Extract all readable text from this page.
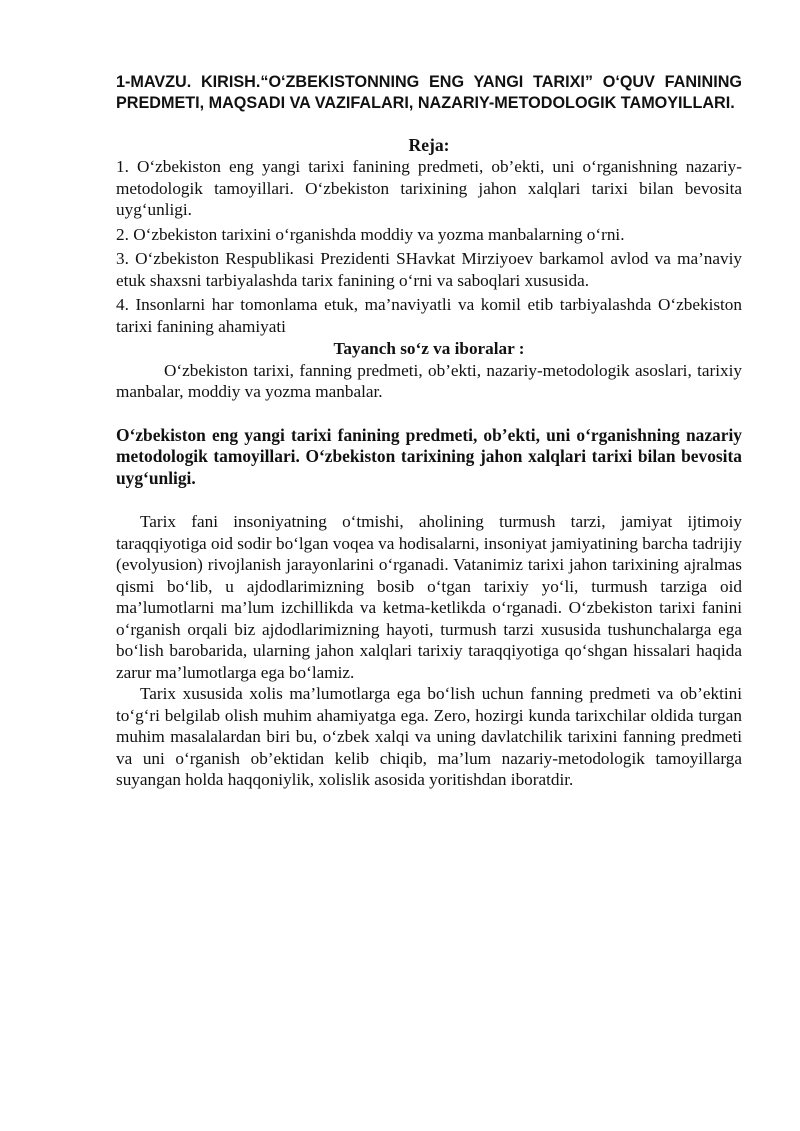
1-MAVZU. KIRISH.“O‘ZBEKISTONNING ENG YANGI TARIXI” O‘QUV FANINING PREDMETI, MAQSADI VA VAZIFALARI, NAZARIY-METODOLOGIK TAMOYILLARI.

Reja:

1. O‘zbekiston eng yangi tarixi fanining predmeti, ob’ekti, uni o‘rganishning nazariy-metodologik tamoyillari. O‘zbekiston tarixining jahon xalqlari tarixi bilan bevosita uyg‘unligi.
2. O‘zbekiston tarixini o‘rganishda moddiy va yozma manbalarning o‘rni.
3. O‘zbekiston Respublikasi Prezidenti SHavkat Mirziyoev barkamol avlod va ma’naviy etuk shaxsni tarbiyalashda tarix fanining o‘rni va saboqlari xususida.
4. Insonlarni har tomonlama etuk, ma’naviyatli va komil etib tarbiyalashda O‘zbekiston tarixi fanining ahamiyati

Tayanch so‘z va iboralar :

O‘zbekiston tarixi, fanning predmeti, ob’ekti, nazariy-metodologik asoslari, tarixiy manbalar, moddiy va yozma manbalar.

O‘zbekiston eng yangi tarixi fanining predmeti, ob’ekti, uni o‘rganishning nazariy metodologik tamoyillari. O‘zbekiston tarixining jahon xalqlari tarixi bilan bevosita uyg‘unligi.

Tarix fani insoniyatning o‘tmishi, aholining turmush tarzi, jamiyat ijtimoiy taraqqiyotiga oid sodir bo‘lgan voqea va hodisalarni, insoniyat jamiyatining barcha tadrijiy (evolyusion) rivojlanish jarayonlarini o‘rganadi. Vatanimiz tarixi jahon tarixining ajralmas qismi bo‘lib, u ajdodlarimizning bosib o‘tgan tarixiy yo‘li, turmush tarziga oid ma’lumotlarni ma’lum izchillikda va ketma-ketlikda o‘rganadi. O‘zbekiston tarixi fanini o‘rganish orqali biz ajdodlarimizning hayoti, turmush tarzi xususida tushunchalarga ega bo‘lish barobarida, ularning jahon xalqlari tarixiy taraqqiyotiga qo‘shgan hissalari haqida zarur ma’lumotlarga ega bo‘lamiz.

Tarix xususida xolis ma’lumotlarga ega bo‘lish uchun fanning predmeti va ob’ektini to‘g‘ri belgilab olish muhim ahamiyatga ega. Zero, hozirgi kunda tarixchilar oldida turgan muhim masalalardan biri bu, o‘zbek xalqi va uning davlatchilik tarixini fanning predmeti va uni o‘rganish ob’ektidan kelib chiqib, ma’lum nazariy-metodologik tamoyillarga suyangan holda haqqoniylik, xolislik asosida yoritishdan iboratdir.
